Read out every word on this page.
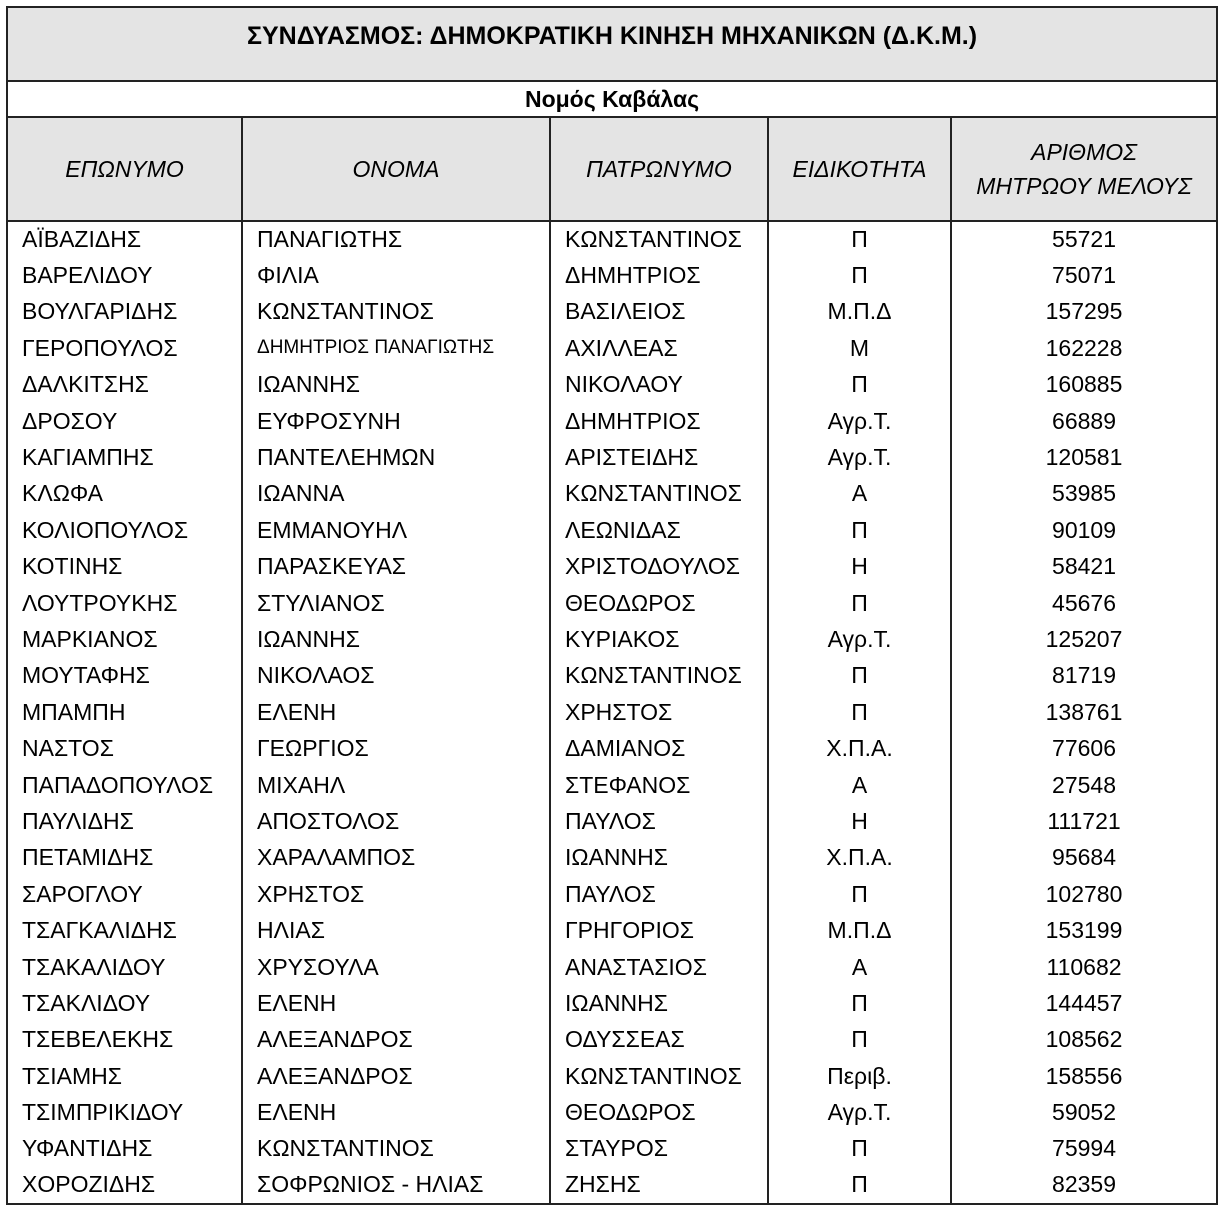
ΣΥΝΔΥΑΣΜΟΣ: ΔΗΜΟΚΡΑΤΙΚΗ ΚΙΝΗΣΗ ΜΗΧΑΝΙΚΩΝ (Δ.Κ.Μ.)				
Νομός Καβάλας				
ΕΠΩΝΥΜΟ	ΟΝΟΜΑ	ΠΑΤΡΩΝΥΜΟ	ΕΙΔΙΚΟΤΗΤΑ	ΑΡΙΘΜΟΣ
ΜΗΤΡΩΟΥ ΜΕΛΟΥΣ

ΑΪΒΑΖΙΔΗΣ	ΠΑΝΑΓΙΩΤΗΣ	ΚΩΝΣΤΑΝΤΙΝΟΣ	Π	55721
ΒΑΡΕΛΙΔΟΥ	ΦΙΛΙΑ	ΔΗΜΗΤΡΙΟΣ	Π	75071
ΒΟΥΛΓΑΡΙΔΗΣ	ΚΩΝΣΤΑΝΤΙΝΟΣ	ΒΑΣΙΛΕΙΟΣ	Μ.Π.Δ	157295
ΓΕΡΟΠΟΥΛΟΣ	ΔΗΜΗΤΡΙΟΣ ΠΑΝΑΓΙΩΤΗΣ	ΑΧΙΛΛΕΑΣ	Μ	162228
ΔΑΛΚΙΤΣΗΣ	ΙΩΑΝΝΗΣ	ΝΙΚΟΛΑΟΥ	Π	160885
ΔΡΟΣΟΥ	ΕΥΦΡΟΣΥΝΗ	ΔΗΜΗΤΡΙΟΣ	Αγρ.Τ.	66889
ΚΑΓΙΑΜΠΗΣ	ΠΑΝΤΕΛΕΗΜΩΝ	ΑΡΙΣΤΕΙΔΗΣ	Αγρ.Τ.	120581
ΚΛΩΦΑ	ΙΩΑΝΝΑ	ΚΩΝΣΤΑΝΤΙΝΟΣ	Α	53985
ΚΟΛΙΟΠΟΥΛΟΣ	ΕΜΜΑΝΟΥΗΛ	ΛΕΩΝΙΔΑΣ	Π	90109
ΚΟΤΙΝΗΣ	ΠΑΡΑΣΚΕΥΑΣ	ΧΡΙΣΤΟΔΟΥΛΟΣ	Η	58421
ΛΟΥΤΡΟΥΚΗΣ	ΣΤΥΛΙΑΝΟΣ	ΘΕΟΔΩΡΟΣ	Π	45676
ΜΑΡΚΙΑΝΟΣ	ΙΩΑΝΝΗΣ	ΚΥΡΙΑΚΟΣ	Αγρ.Τ.	125207
ΜΟΥΤΑΦΗΣ	ΝΙΚΟΛΑΟΣ	ΚΩΝΣΤΑΝΤΙΝΟΣ	Π	81719
ΜΠΑΜΠΗ	ΕΛΕΝΗ	ΧΡΗΣΤΟΣ	Π	138761
ΝΑΣΤΟΣ	ΓΕΩΡΓΙΟΣ	ΔΑΜΙΑΝΟΣ	Χ.Π.Α.	77606
ΠΑΠΑΔΟΠΟΥΛΟΣ	ΜΙΧΑΗΛ	ΣΤΕΦΑΝΟΣ	Α	27548
ΠΑΥΛΙΔΗΣ	ΑΠΟΣΤΟΛΟΣ	ΠΑΥΛΟΣ	Η	111721
ΠΕΤΑΜΙΔΗΣ	ΧΑΡΑΛΑΜΠΟΣ	ΙΩΑΝΝΗΣ	Χ.Π.Α.	95684
ΣΑΡΟΓΛΟΥ	ΧΡΗΣΤΟΣ	ΠΑΥΛΟΣ	Π	102780
ΤΣΑΓΚΑΛΙΔΗΣ	ΗΛΙΑΣ	ΓΡΗΓΟΡΙΟΣ	Μ.Π.Δ	153199
ΤΣΑΚΑΛΙΔΟΥ	ΧΡΥΣΟΥΛΑ	ΑΝΑΣΤΑΣΙΟΣ	Α	110682
ΤΣΑΚΛΙΔΟΥ	ΕΛΕΝΗ	ΙΩΑΝΝΗΣ	Π	144457
ΤΣΕΒΕΛΕΚΗΣ	ΑΛΕΞΑΝΔΡΟΣ	ΟΔΥΣΣΕΑΣ	Π	108562
ΤΣΙΑΜΗΣ	ΑΛΕΞΑΝΔΡΟΣ	ΚΩΝΣΤΑΝΤΙΝΟΣ	Περιβ.	158556
ΤΣΙΜΠΡΙΚΙΔΟΥ	ΕΛΕΝΗ	ΘΕΟΔΩΡΟΣ	Αγρ.Τ.	59052
ΥΦΑΝΤΙΔΗΣ	ΚΩΝΣΤΑΝΤΙΝΟΣ	ΣΤΑΥΡΟΣ	Π	75994
ΧΟΡΟΖΙΔΗΣ	ΣΟΦΡΩΝΙΟΣ - ΗΛΙΑΣ	ΖΗΣΗΣ	Π	82359
